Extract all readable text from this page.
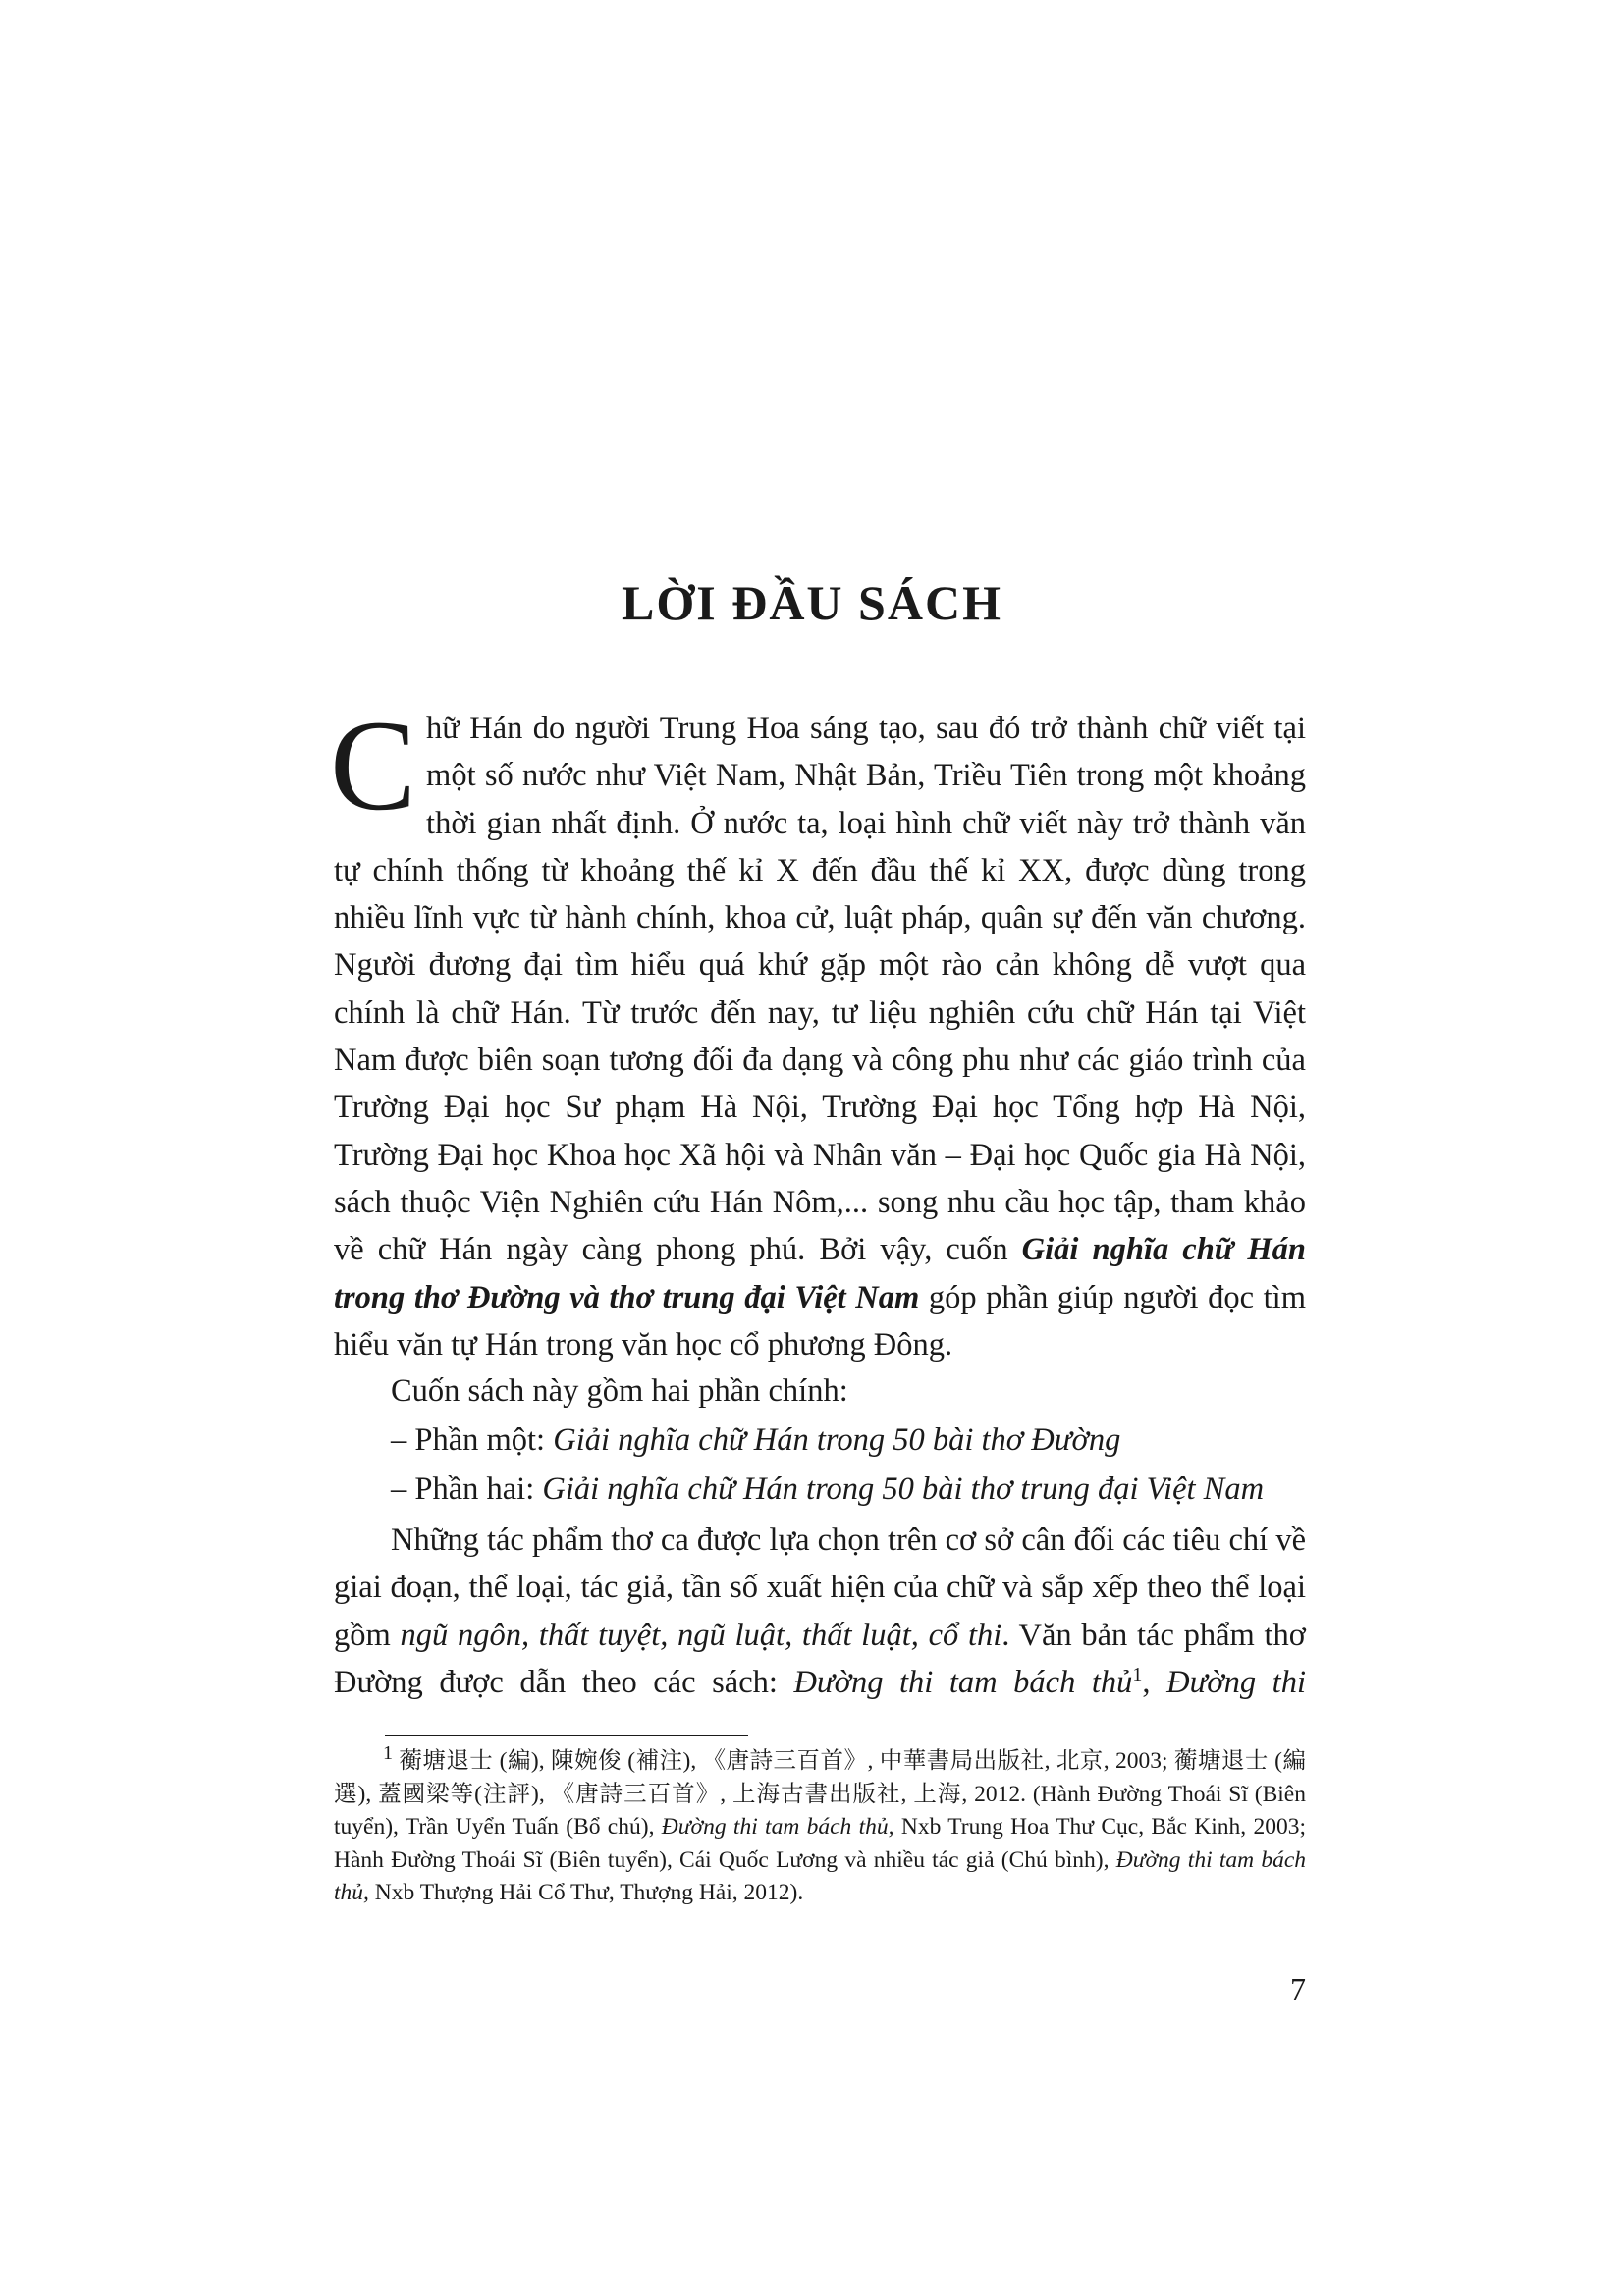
LỜI ĐẦU SÁCH

Chữ Hán do người Trung Hoa sáng tạo, sau đó trở thành chữ viết tại một số nước như Việt Nam, Nhật Bản, Triều Tiên trong một khoảng thời gian nhất định. Ở nước ta, loại hình chữ viết này trở thành văn tự chính thống từ khoảng thế kỉ X đến đầu thế kỉ XX, được dùng trong nhiều lĩnh vực từ hành chính, khoa cử, luật pháp, quân sự đến văn chương. Người đương đại tìm hiểu quá khứ gặp một rào cản không dễ vượt qua chính là chữ Hán. Từ trước đến nay, tư liệu nghiên cứu chữ Hán tại Việt Nam được biên soạn tương đối đa dạng và công phu như các giáo trình của Trường Đại học Sư phạm Hà Nội, Trường Đại học Tổng hợp Hà Nội, Trường Đại học Khoa học Xã hội và Nhân văn – Đại học Quốc gia Hà Nội, sách thuộc Viện Nghiên cứu Hán Nôm,... song nhu cầu học tập, tham khảo về chữ Hán ngày càng phong phú. Bởi vậy, cuốn Giải nghĩa chữ Hán trong thơ Đường và thơ trung đại Việt Nam góp phần giúp người đọc tìm hiểu văn tự Hán trong văn học cổ phương Đông.

Cuốn sách này gồm hai phần chính:

– Phần một: Giải nghĩa chữ Hán trong 50 bài thơ Đường

– Phần hai: Giải nghĩa chữ Hán trong 50 bài thơ trung đại Việt Nam

Những tác phẩm thơ ca được lựa chọn trên cơ sở cân đối các tiêu chí về giai đoạn, thể loại, tác giả, tần số xuất hiện của chữ và sắp xếp theo thể loại gồm ngũ ngôn, thất tuyệt, ngũ luật, thất luật, cổ thi. Văn bản tác phẩm thơ Đường được dẫn theo các sách: Đường thi tam bách thủ$^1$, Đường thi

$^1$ 蘅塘退士 (編), 陳婉俊 (補注), 《唐詩三百首》, 中華書局出版社, 北京, 2003; 蘅塘退士 (編選), 蓋國梁等(注評), 《唐詩三百首》, 上海古書出版社, 上海, 2012. (Hành Đường Thoái Sĩ (Biên tuyển), Trần Uyển Tuấn (Bổ chú), Đường thi tam bách thủ, Nxb Trung Hoa Thư Cục, Bắc Kinh, 2003; Hành Đường Thoái Sĩ (Biên tuyển), Cái Quốc Lương và nhiều tác giả (Chú bình), Đường thi tam bách thủ, Nxb Thượng Hải Cổ Thư, Thượng Hải, 2012).

7
